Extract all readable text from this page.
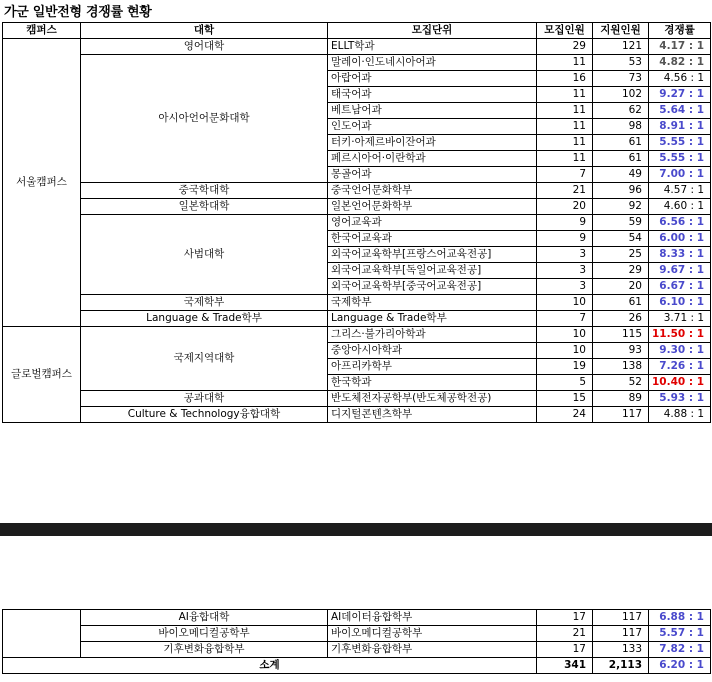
가군 일반전형 경쟁률 현황
캠퍼스	대학	모집단위	모집인원	지원인원	경쟁률
서울캠퍼스	영어대학	ELLT학과	29	121	4.17 : 1
	아시아언어문화대학	말레이·인도네시아어과	11	53	4.82 : 1
		아랍어과	16	73	4.56 : 1
		태국어과	11	102	9.27 : 1
		베트남어과	11	62	5.64 : 1
		인도어과	11	98	8.91 : 1
		터키·아제르바이잔어과	11	61	5.55 : 1
		페르시아어·이란학과	11	61	5.55 : 1
		몽골어과	7	49	7.00 : 1
	중국학대학	중국언어문화학부	21	96	4.57 : 1
	일본학대학	일본언어문화학부	20	92	4.60 : 1
	사범대학	영어교육과	9	59	6.56 : 1
		한국어교육과	9	54	6.00 : 1
		외국어교육학부[프랑스어교육전공]	3	25	8.33 : 1
		외국어교육학부[독일어교육전공]	3	29	9.67 : 1
		외국어교육학부[중국어교육전공]	3	20	6.67 : 1
	국제학부	국제학부	10	61	6.10 : 1
	Language & Trade학부	Language & Trade학부	7	26	3.71 : 1
글로벌캠퍼스	국제지역대학	그리스·불가리아학과	10	115	11.50 : 1
		중앙아시아학과	10	93	9.30 : 1
		아프리카학부	19	138	7.26 : 1
		한국학과	5	52	10.40 : 1
	공과대학	반도체전자공학부(반도체공학전공)	15	89	5.93 : 1
	Culture & Technology융합대학	디지털콘텐츠학부	24	117	4.88 : 1
	AI융합대학	AI데이터융합학부	17	117	6.88 : 1
	바이오메디컬공학부	바이오메디컬공학부	21	117	5.57 : 1
	기후변화융합학부	기후변화융합학부	17	133	7.82 : 1
소계			341	2,113	6.20 : 1
